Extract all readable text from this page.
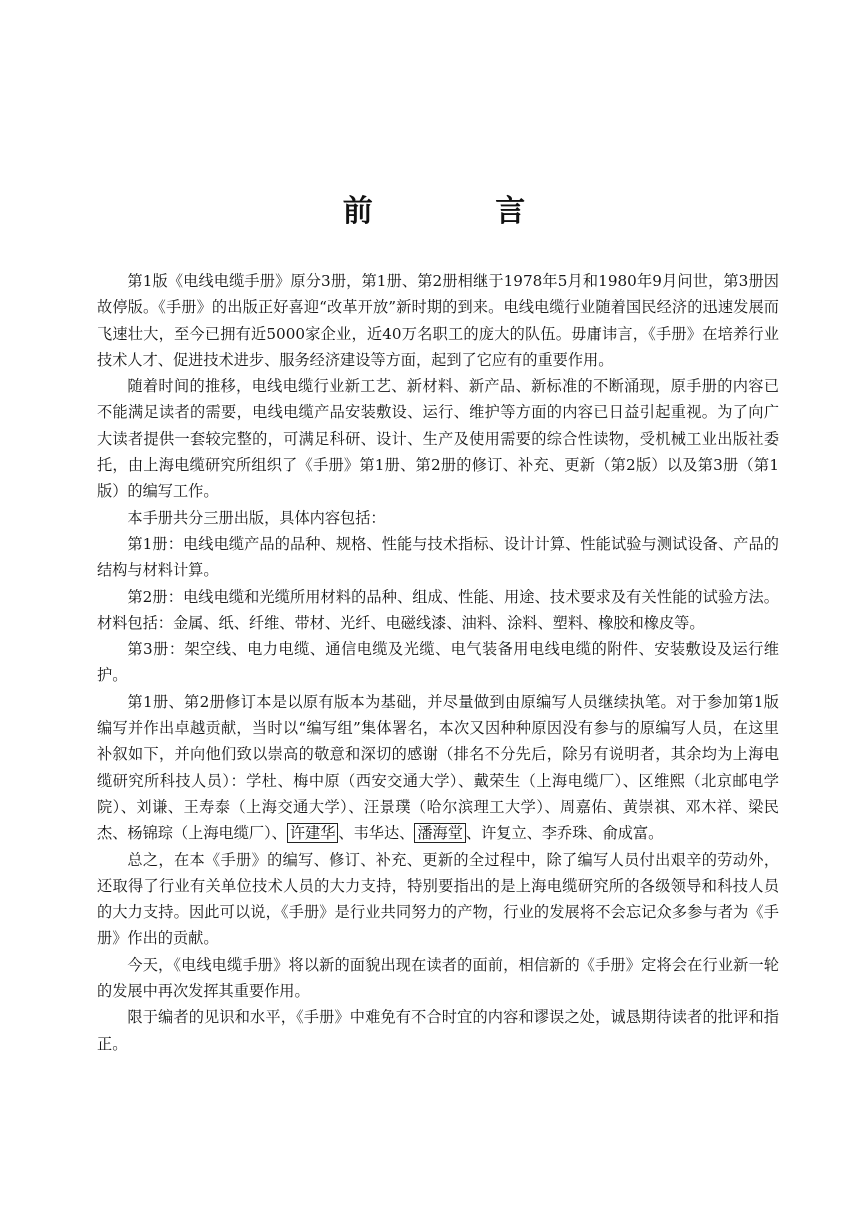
前 言

第1版《电线电缆手册》原分3册，第1册、第2册相继于1978年5月和1980年9月问世，第3册因故停版。《手册》的出版正好喜迎“改革开放”新时期的到来。电线电缆行业随着国民经济的迅速发展而飞速壮大，至今已拥有近5000家企业，近40万名职工的庞大的队伍。毋庸讳言，《手册》在培养行业技术人才、促进技术进步、服务经济建设等方面，起到了它应有的重要作用。

随着时间的推移，电线电缆行业新工艺、新材料、新产品、新标准的不断涌现，原手册的内容已不能满足读者的需要，电线电缆产品安装敷设、运行、维护等方面的内容已日益引起重视。为了向广大读者提供一套较完整的，可满足科研、设计、生产及使用需要的综合性读物，受机械工业出版社委托，由上海电缆研究所组织了《手册》第1册、第2册的修订、补充、更新（第2版）以及第3册（第1版）的编写工作。

本手册共分三册出版，具体内容包括：

第1册：电线电缆产品的品种、规格、性能与技术指标、设计计算、性能试验与测试设备、产品的结构与材料计算。

第2册：电线电缆和光缆所用材料的品种、组成、性能、用途、技术要求及有关性能的试验方法。材料包括：金属、纸、纤维、带材、光纤、电磁线漆、油料、涂料、塑料、橡胶和橡皮等。

第3册：架空线、电力电缆、通信电缆及光缆、电气装备用电线电缆的附件、安装敷设及运行维护。

第1册、第2册修订本是以原有版本为基础，并尽量做到由原编写人员继续执笔。对于参加第1版编写并作出卓越贡献，当时以“编写组”集体署名，本次又因种种原因没有参与的原编写人员，在这里补叙如下，并向他们致以崇高的敬意和深切的感谢（排名不分先后，除另有说明者，其余均为上海电缆研究所科技人员）：学杜、梅中原（西安交通大学）、戴荣生（上海电缆厂）、区维熙（北京邮电学院）、刘谦、王寿泰（上海交通大学）、汪景璞（哈尔滨理工大学）、周嘉佑、黄崇祺、邓木祥、梁民杰、杨锦琮（上海电缆厂）、 许建华 、韦华达、 潘海堂 、许复立、李乔珠、俞成富。

总之，在本《手册》的编写、修订、补充、更新的全过程中，除了编写人员付出艰辛的劳动外，还取得了行业有关单位技术人员的大力支持，特别要指出的是上海电缆研究所的各级领导和科技人员的大力支持。因此可以说，《手册》是行业共同努力的产物，行业的发展将不会忘记众多参与者为《手册》作出的贡献。

今天，《电线电缆手册》将以新的面貌出现在读者的面前，相信新的《手册》定将会在行业新一轮的发展中再次发挥其重要作用。

限于编者的见识和水平，《手册》中难免有不合时宜的内容和谬误之处，诚恳期待读者的批评和指正。
